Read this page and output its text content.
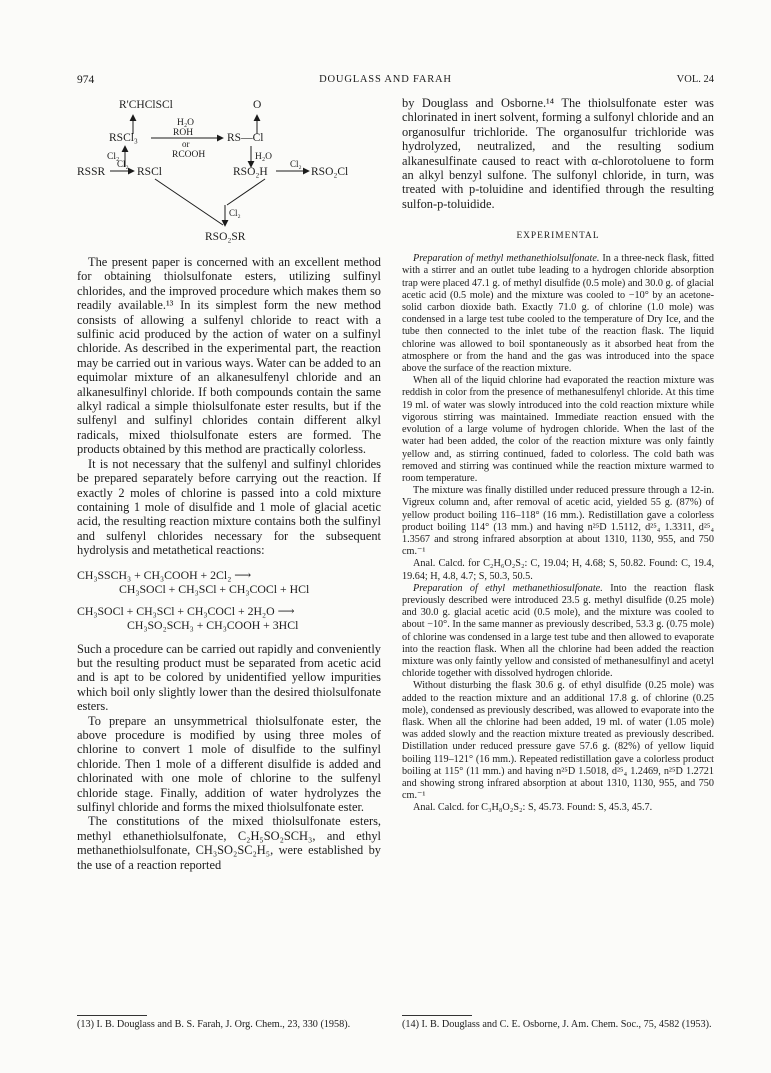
974	DOUGLASS AND FARAH	VOL. 24
R'CHClSCl	O
H₂O
RSCl₃	ROH
or
RCOOH
RS—Cl
Cl₂	H₂O
RSSR
Cl₂
RSCl	RSO₂H
Cl₂
RSO₂Cl
Cl₂
RSO₂SR

The present paper is concerned with an excellent method for obtaining thiolsulfonate esters, utilizing sulfinyl chlorides, and the improved procedure which makes them so readily available.¹³ In its simplest form the new method consists of allowing a sulfenyl chloride to react with a sulfinic acid produced by the action of water on a sulfinyl chloride. As described in the experimental part, the reaction may be carried out in various ways. Water can be added to an equimolar mixture of an alkanesulfenyl chloride and an alkanesulfinyl chloride. If both compounds contain the same alkyl radical a simple thiolsulfonate ester results, but if the sulfenyl and sulfinyl chlorides contain different alkyl radicals, mixed thiolsulfonate esters are formed. The products obtained by this method are practically colorless.

It is not necessary that the sulfenyl and sulfinyl chlorides be prepared separately before carrying out the reaction. If exactly 2 moles of chlorine is passed into a cold mixture containing 1 mole of disulfide and 1 mole of glacial acetic acid, the resulting reaction mixture contains both the sulfinyl and sulfenyl chlorides necessary for the subsequent hydrolysis and metathetical reactions:

CH₃SSCH₃ + CH₃COOH + 2Cl₂ ⟶

CH₃SOCl + CH₃SCl + CH₃COCl + HCl

CH₃SOCl + CH₃SCl + CH₃COCl + 2H₂O ⟶

CH₃SO₂SCH₃ + CH₃COOH + 3HCl

Such a procedure can be carried out rapidly and conveniently but the resulting product must be separated from acetic acid and is apt to be colored by unidentified yellow impurities which boil only slightly lower than the desired thiolsulfonate esters.

To prepare an unsymmetrical thiolsulfonate ester, the above procedure is modified by using three moles of chlorine to convert 1 mole of disulfide to the sulfinyl chloride. Then 1 mole of a different disulfide is added and chlorinated with one mole of chlorine to the sulfenyl chloride stage. Finally, addition of water hydrolyzes the sulfinyl chloride and forms the mixed thiolsulfonate ester.

The constitutions of the mixed thiolsulfonate esters, methyl ethanethiolsulfonate, C₂H₅SO₂SCH₃, and ethyl methanethiolsulfonate, CH₃SO₂SC₂H₅, were established by the use of a reaction reported

(13) I. B. Douglass and B. S. Farah, J. Org. Chem., 23, 330 (1958).

by Douglass and Osborne.¹⁴ The thiolsulfonate ester was chlorinated in inert solvent, forming a sulfonyl chloride and an organosulfur trichloride. The organosulfur trichloride was hydrolyzed, neutralized, and the resulting sodium alkanesulfinate caused to react with α-chlorotoluene to form an alkyl benzyl sulfone. The sulfonyl chloride, in turn, was treated with p-toluidine and identified through the resulting sulfon-p-toluidide.

EXPERIMENTAL

Preparation of methyl methanethiolsulfonate. In a three-neck flask, fitted with a stirrer and an outlet tube leading to a hydrogen chloride absorption trap were placed 47.1 g. of methyl disulfide (0.5 mole) and 30.0 g. of glacial acetic acid (0.5 mole) and the mixture was cooled to −10° by an acetone-solid carbon dioxide bath. Exactly 71.0 g. of chlorine (1.0 mole) was condensed in a large test tube cooled to the temperature of Dry Ice, and the tube then connected to the inlet tube of the reaction flask. The liquid chlorine was allowed to boil spontaneously as it absorbed heat from the atmosphere or from the hand and the gas was introduced into the space above the surface of the reaction mixture.

When all of the liquid chlorine had evaporated the reaction mixture was reddish in color from the presence of methanesulfenyl chloride. At this time 19 ml. of water was slowly introduced into the cold reaction mixture while vigorous stirring was maintained. Immediate reaction ensued with the evolution of a large volume of hydrogen chloride. When the last of the water had been added, the color of the reaction mixture was only faintly yellow and, as stirring continued, faded to colorless. The cold bath was removed and stirring was continued while the reaction mixture warmed to room temperature.

The mixture was finally distilled under reduced pressure through a 12-in. Vigreux column and, after removal of acetic acid, yielded 55 g. (87%) of yellow product boiling 116–118° (16 mm.). Redistillation gave a colorless product boiling 114° (13 mm.) and having n²⁵D 1.5112, d²⁵₄ 1.3311, d²⁵₄ 1.3567 and strong infrared absorption at about 1310, 1130, 955, and 750 cm.⁻¹

Anal. Calcd. for C₂H₆O₂S₂: C, 19.04; H, 4.68; S, 50.82. Found: C, 19.4, 19.64; H, 4.8, 4.7; S, 50.3, 50.5.

Preparation of ethyl methanethiosulfonate. Into the reaction flask previously described were introduced 23.5 g. methyl disulfide (0.25 mole) and 30.0 g. glacial acetic acid (0.5 mole), and the mixture was cooled to about −10°. In the same manner as previously described, 53.3 g. (0.75 mole) of chlorine was condensed in a large test tube and then allowed to evaporate into the reaction flask. When all the chlorine had been added the reaction mixture was only faintly yellow and consisted of methanesulfinyl and acetyl chloride together with dissolved hydrogen chloride.

Without disturbing the flask 30.6 g. of ethyl disulfide (0.25 mole) was added to the reaction mixture and an additional 17.8 g. of chlorine (0.25 mole), condensed as previously described, was allowed to evaporate into the flask. When all the chlorine had been added, 19 ml. of water (1.05 mole) was added slowly and the reaction mixture treated as previously described. Distillation under reduced pressure gave 57.6 g. (82%) of yellow liquid boiling 119–121° (16 mm.). Repeated redistillation gave a colorless product boiling at 115° (11 mm.) and having n²⁵D 1.5018, d²⁵₄ 1.2469, n²⁵D 1.2721 and showing strong infrared absorption at about 1310, 1130, 955, and 750 cm.⁻¹

Anal. Calcd. for C₃H₈O₂S₂: S, 45.73. Found: S, 45.3, 45.7.

(14) I. B. Douglass and C. E. Osborne, J. Am. Chem. Soc., 75, 4582 (1953).
